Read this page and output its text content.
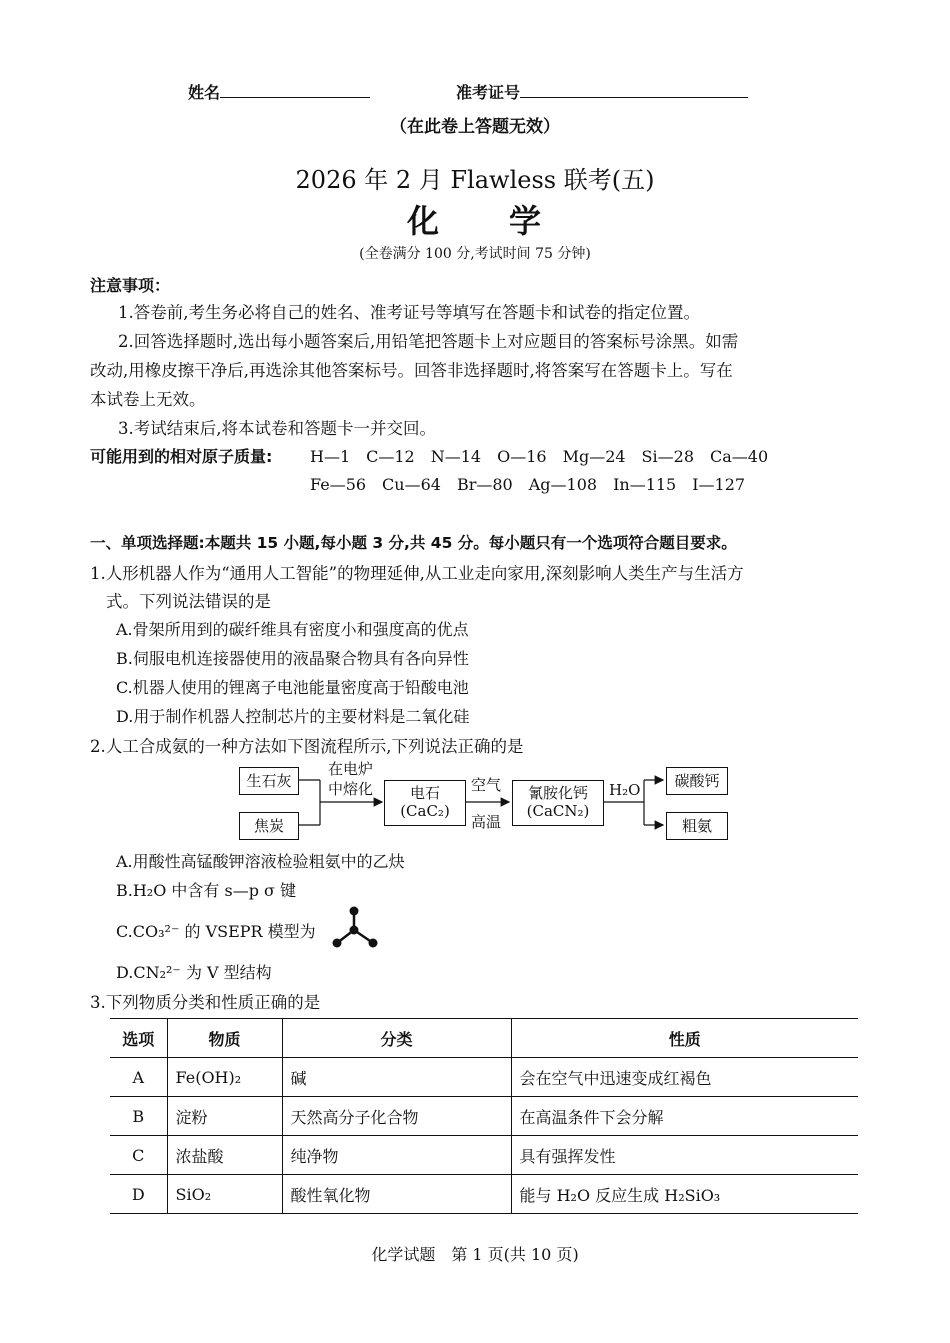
姓名	准考证号
（在此卷上答题无效）
2026 年 2 月 Flawless 联考(五)
化　　学
(全卷满分 100 分,考试时间 75 分钟)
注意事项：
1.答卷前,考生务必将自己的姓名、准考证号等填写在答题卡和试卷的指定位置。
2.回答选择题时,选出每小题答案后,用铅笔把答题卡上对应题目的答案标号涂黑。如需
改动,用橡皮擦干净后,再选涂其他答案标号。回答非选择题时,将答案写在答题卡上。写在
本试卷上无效。
3.考试结束后,将本试卷和答题卡一并交回。
可能用到的相对原子质量: H—1　C—12　N—14　O—16　Mg—24　Si—28　Ca—40
Fe—56　Cu—64　Br—80　Ag—108　In—115　I—127
一、单项选择题:本题共 15 小题,每小题 3 分,共 45 分。每小题只有一个选项符合题目要求。
1.人形机器人作为“通用人工智能”的物理延伸,从工业走向家用,深刻影响人类生产与生活方
式。下列说法错误的是
A.骨架所用到的碳纤维具有密度小和强度高的优点
B.伺服电机连接器使用的液晶聚合物具有各向异性
C.机器人使用的锂离子电池能量密度高于铅酸电池
D.用于制作机器人控制芯片的主要材料是二氧化硅
2.人工合成氨的一种方法如下图流程所示,下列说法正确的是
生石灰
焦炭
在电炉
中熔化	电石
(CaC₂)
空气
高温
氰胺化钙
(CaCN₂)
H₂O	碳酸钙
粗氨
A.用酸性高锰酸钾溶液检验粗氨中的乙炔
B.H₂O 中含有 s—p σ 键
C.CO₃²⁻ 的 VSEPR 模型为
D.CN₂²⁻ 为 V 型结构
3.下列物质分类和性质正确的是
选项	物质	分类	性质
A	Fe(OH)₂	碱	会在空气中迅速变成红褐色
B	淀粉	天然高分子化合物	在高温条件下会分解
C	浓盐酸	纯净物	具有强挥发性
D	SiO₂	酸性氧化物	能与 H₂O 反应生成 H₂SiO₃
化学试题　第 1 页(共 10 页)
